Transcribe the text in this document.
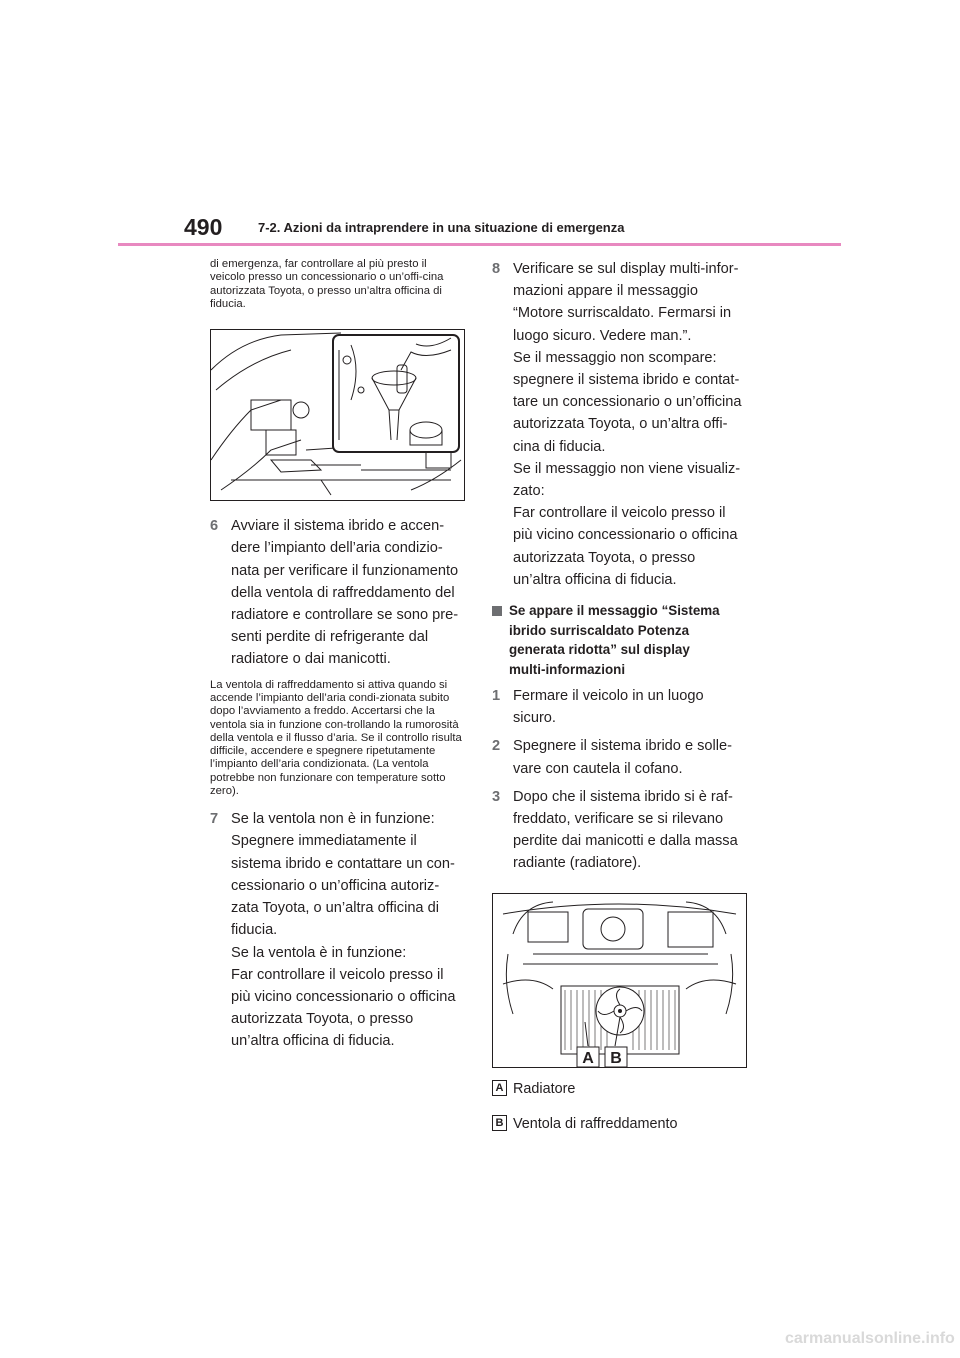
490	7-2. Azioni da intraprendere in una situazione di emergenza

di emergenza, far controllare al più presto il veicolo presso un concessionario o un’offi-cina autorizzata Toyota, o presso un’altra officina di fiducia.

6 Avviare il sistema ibrido e accen-
dere l’impianto dell’aria condizio-
nata per verificare il funzionamento
della ventola di raffreddamento del
radiatore e controllare se sono pre-
senti perdite di refrigerante dal
radiatore o dai manicotti.

La ventola di raffreddamento si attiva quando si accende l’impianto dell’aria condi-zionata subito dopo l’avviamento a freddo. Accertarsi che la ventola sia in funzione con-trollando la rumorosità della ventola e il flusso d’aria. Se il controllo risulta difficile, accendere e spegnere ripetutamente l’impianto dell’aria condizionata. (La ventola potrebbe non funzionare con temperature sotto zero).

7 Se la ventola non è in funzione:
Spegnere immediatamente il
sistema ibrido e contattare un con-
cessionario o un’officina autoriz-
zata Toyota, o un’altra officina di
fiducia.
Se la ventola è in funzione:
Far controllare il veicolo presso il
più vicino concessionario o officina
autorizzata Toyota, o presso
un’altra officina di fiducia.

8 Verificare se sul display multi-infor-
mazioni appare il messaggio
“Motore surriscaldato. Fermarsi in
luogo sicuro. Vedere man.”.
Se il messaggio non scompare:
spegnere il sistema ibrido e contat-
tare un concessionario o un’officina
autorizzata Toyota, o un’altra offi-
cina di fiducia.
Se il messaggio non viene visualiz-
zato:
Far controllare il veicolo presso il
più vicino concessionario o officina
autorizzata Toyota, o presso
un’altra officina di fiducia.

Se appare il messaggio “Sistema
ibrido surriscaldato Potenza
generata ridotta” sul display
multi-informazioni

1 Fermare il veicolo in un luogo
sicuro.

2 Spegnere il sistema ibrido e solle-
vare con cautela il cofano.

3 Dopo che il sistema ibrido si è raf-
freddato, verificare se si rilevano
perdite dai manicotti e dalla massa
radiante (radiatore).

A B
A Radiatore
B Ventola di raffreddamento
carmanualsonline.info
